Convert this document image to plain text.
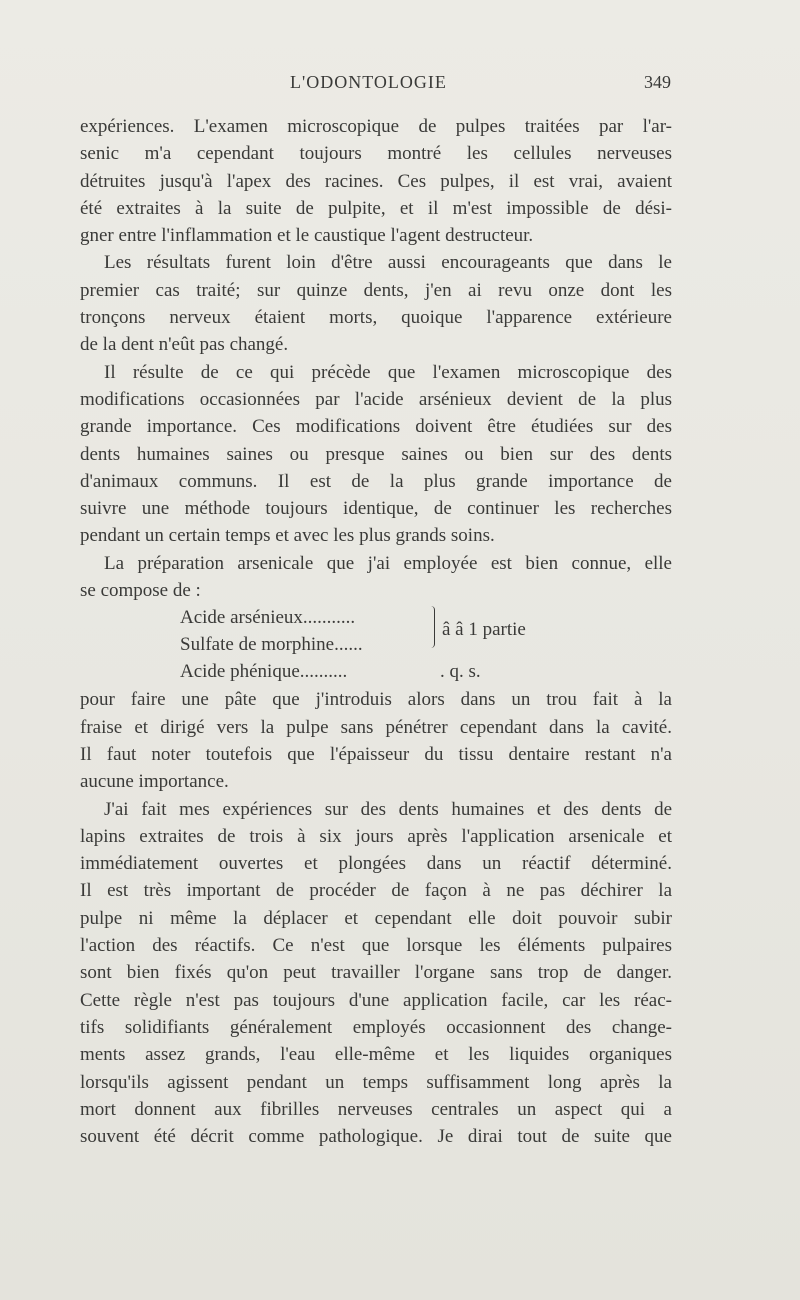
L'ODONTOLOGIE	349
expériences. L'examen microscopique de pulpes traitées par l'ar-
senic m'a cependant toujours montré les cellules nerveuses
détruites jusqu'à l'apex des racines. Ces pulpes, il est vrai, avaient
été extraites à la suite de pulpite, et il m'est impossible de dési-
gner entre l'inflammation et le caustique l'agent destructeur.
Les résultats furent loin d'être aussi encourageants que dans le
premier cas traité; sur quinze dents, j'en ai revu onze dont les
tronçons nerveux étaient morts, quoique l'apparence extérieure
de la dent n'eût pas changé.
Il résulte de ce qui précède que l'examen microscopique des
modifications occasionnées par l'acide arsénieux devient de la plus
grande importance. Ces modifications doivent être étudiées sur des
dents humaines saines ou presque saines ou bien sur des dents
d'animaux communs. Il est de la plus grande importance de
suivre une méthode toujours identique, de continuer les recherches
pendant un certain temps et avec les plus grands soins.
La préparation arsenicale que j'ai employée est bien connue, elle
se compose de :
Acide arsénieux...........
Sulfate de morphine......
â â 1 partie
Acide phénique..........	. q. s.
pour faire une pâte que j'introduis alors dans un trou fait à la
fraise et dirigé vers la pulpe sans pénétrer cependant dans la cavité.
Il faut noter toutefois que l'épaisseur du tissu dentaire restant n'a
aucune importance.
J'ai fait mes expériences sur des dents humaines et des dents de
lapins extraites de trois à six jours après l'application arsenicale et
immédiatement ouvertes et plongées dans un réactif déterminé.
Il est très important de procéder de façon à ne pas déchirer la
pulpe ni même la déplacer et cependant elle doit pouvoir subir
l'action des réactifs. Ce n'est que lorsque les éléments pulpaires
sont bien fixés qu'on peut travailler l'organe sans trop de danger.
Cette règle n'est pas toujours d'une application facile, car les réac-
tifs solidifiants généralement employés occasionnent des change-
ments assez grands, l'eau elle-même et les liquides organiques
lorsqu'ils agissent pendant un temps suffisamment long après la
mort donnent aux fibrilles nerveuses centrales un aspect qui a
souvent été décrit comme pathologique. Je dirai tout de suite que
